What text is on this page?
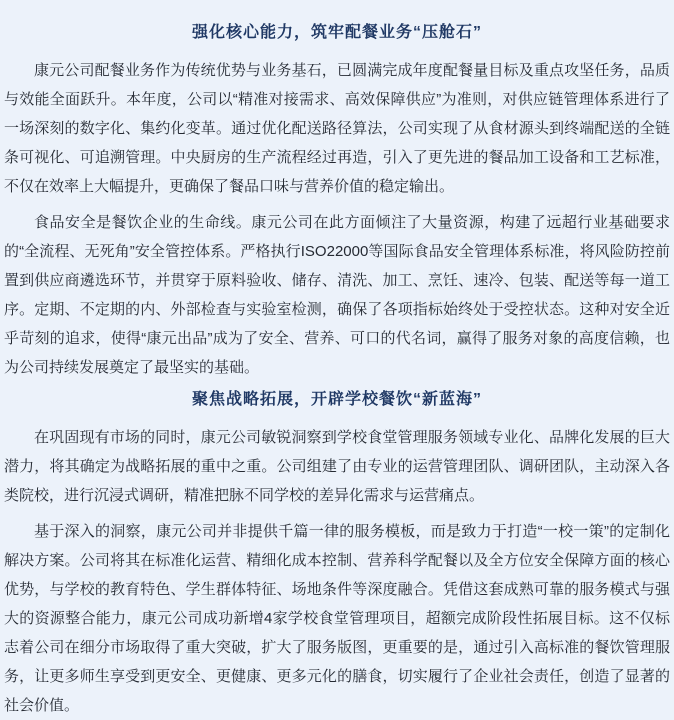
强化核心能力，筑牢配餐业务“压舱石”

康元公司配餐业务作为传统优势与业务基石，已圆满完成年度配餐量目标及重点攻坚任务，品质与效能全面跃升。本年度，公司以“精准对接需求、高效保障供应”为准则，对供应链管理体系进行了一场深刻的数字化、集约化变革。通过优化配送路径算法，公司实现了从食材源头到终端配送的全链条可视化、可追溯管理。中央厨房的生产流程经过再造，引入了更先进的餐品加工设备和工艺标准，不仅在效率上大幅提升，更确保了餐品口味与营养价值的稳定输出。

食品安全是餐饮企业的生命线。康元公司在此方面倾注了大量资源，构建了远超行业基础要求的“全流程、无死角”安全管控体系。严格执行ISO22000等国际食品安全管理体系标准，将风险防控前置到供应商遴选环节，并贯穿于原料验收、储存、清洗、加工、烹饪、速冷、包装、配送等每一道工序。定期、不定期的内、外部检查与实验室检测，确保了各项指标始终处于受控状态。这种对安全近乎苛刻的追求，使得“康元出品”成为了安全、营养、可口的代名词，赢得了服务对象的高度信赖，也为公司持续发展奠定了最坚实的基础。

聚焦战略拓展，开辟学校餐饮“新蓝海”

在巩固现有市场的同时，康元公司敏锐洞察到学校食堂管理服务领域专业化、品牌化发展的巨大潜力，将其确定为战略拓展的重中之重。公司组建了由专业的运营管理团队、调研团队，主动深入各类院校，进行沉浸式调研，精准把脉不同学校的差异化需求与运营痛点。

基于深入的洞察，康元公司并非提供千篇一律的服务模板，而是致力于打造“一校一策”的定制化解决方案。公司将其在标准化运营、精细化成本控制、营养科学配餐以及全方位安全保障方面的核心优势，与学校的教育特色、学生群体特征、场地条件等深度融合。凭借这套成熟可靠的服务模式与强大的资源整合能力，康元公司成功新增4家学校食堂管理项目，超额完成阶段性拓展目标。这不仅标志着公司在细分市场取得了重大突破，扩大了服务版图，更重要的是，通过引入高标准的餐饮管理服务，让更多师生享受到更安全、更健康、更多元化的膳食，切实履行了企业社会责任，创造了显著的社会价值。
